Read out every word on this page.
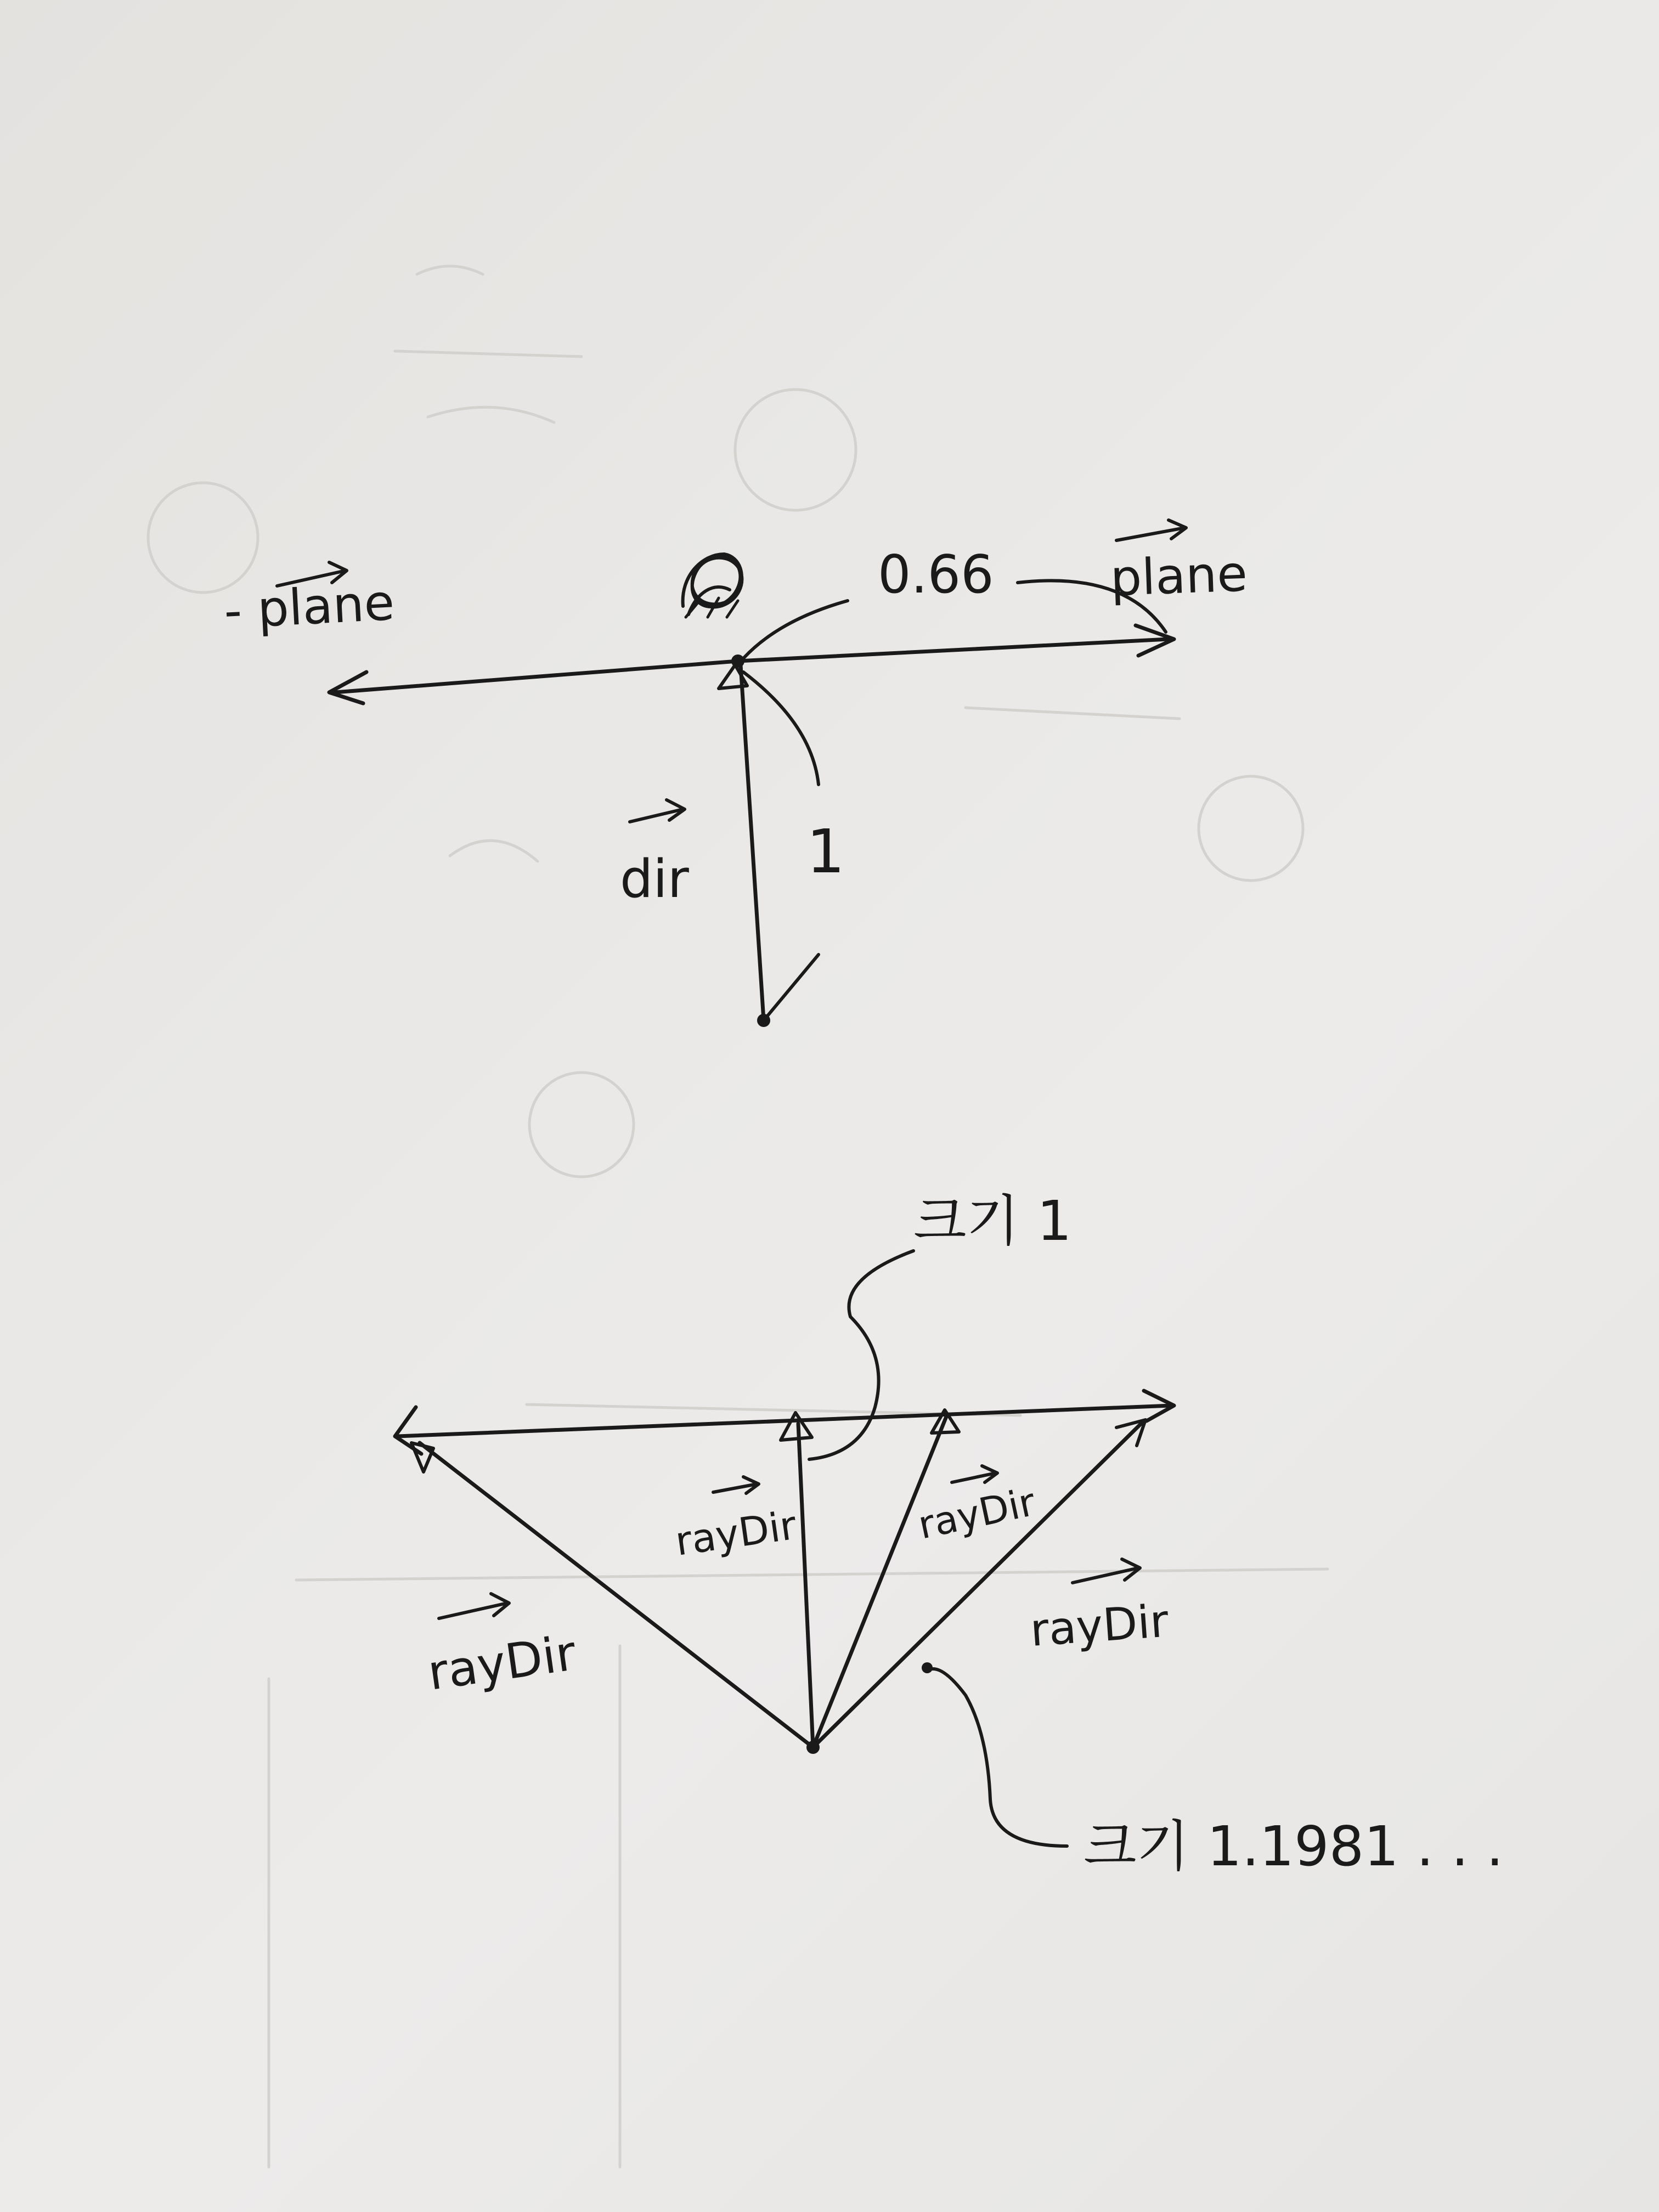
- plane	plane
0.66
dir 1
rayDir
rayDir	rayDir
rayDir
크기 1
크기 1.1981 . . .
